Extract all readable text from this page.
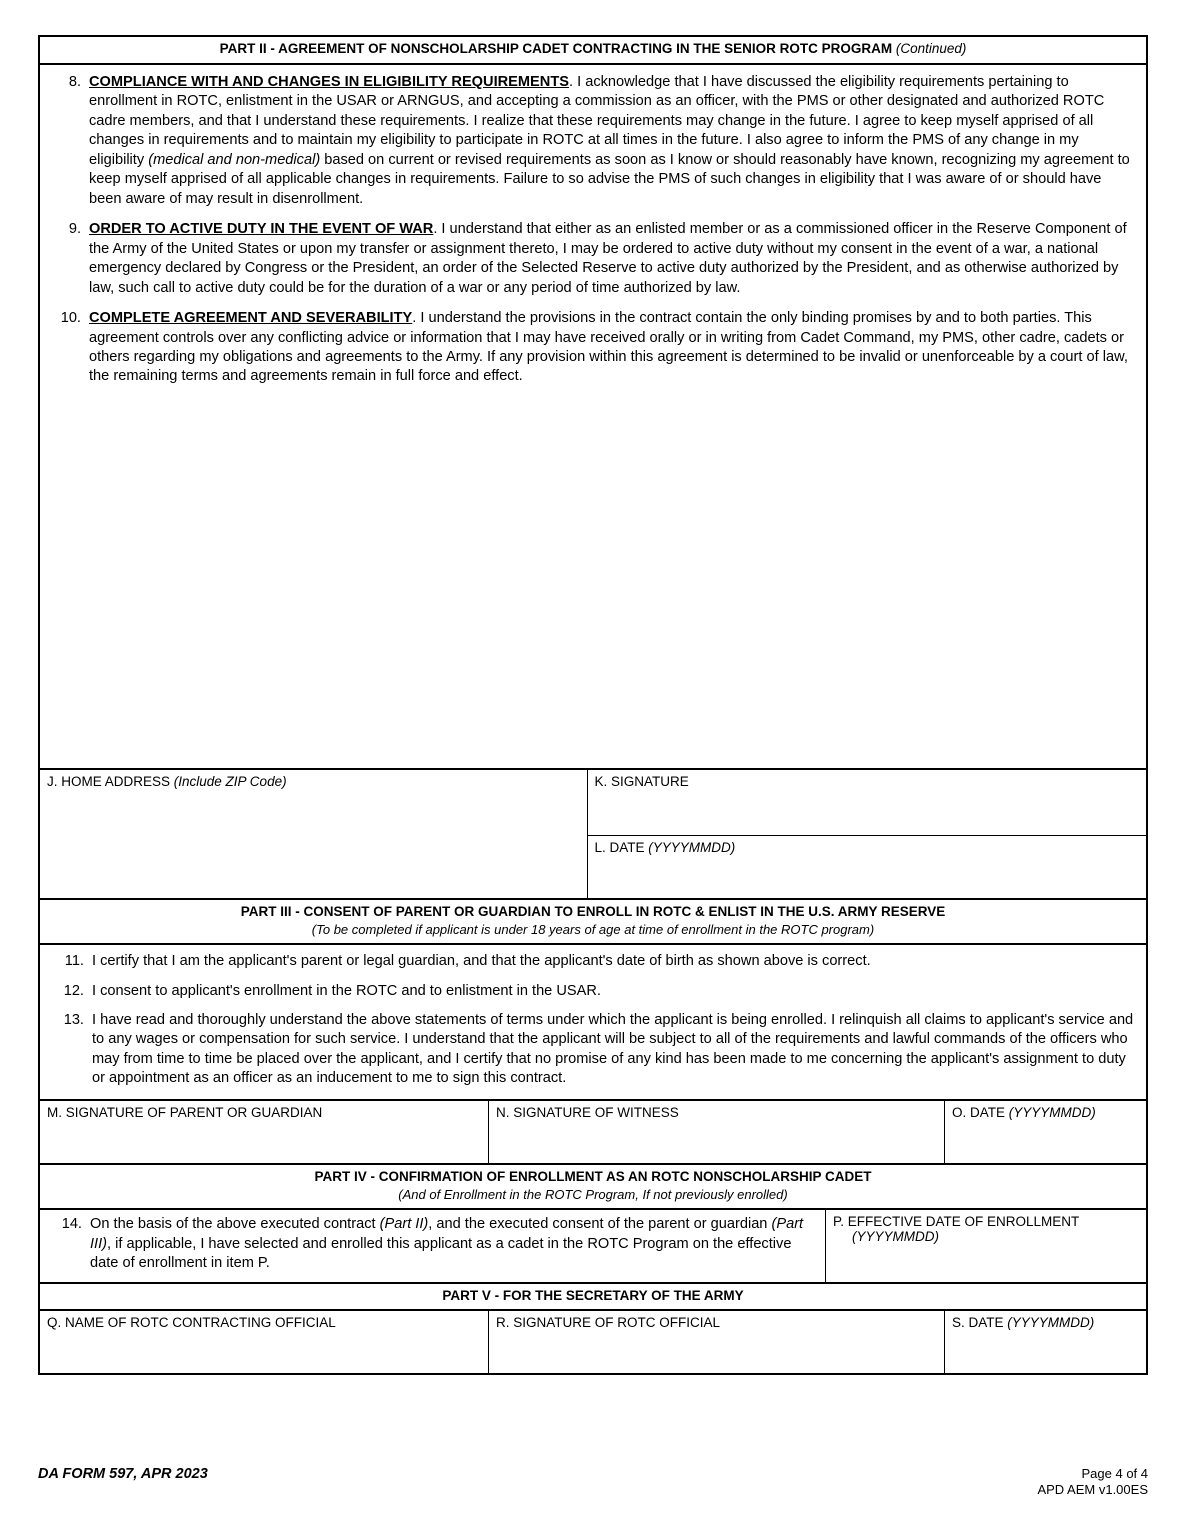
PART II - AGREEMENT OF NONSCHOLARSHIP CADET CONTRACTING IN THE SENIOR ROTC PROGRAM (Continued)
8. COMPLIANCE WITH AND CHANGES IN ELIGIBILITY REQUIREMENTS. I acknowledge that I have discussed the eligibility requirements pertaining to enrollment in ROTC, enlistment in the USAR or ARNGUS, and accepting a commission as an officer, with the PMS or other designated and authorized ROTC cadre members, and that I understand these requirements. I realize that these requirements may change in the future. I agree to keep myself apprised of all changes in requirements and to maintain my eligibility to participate in ROTC at all times in the future. I also agree to inform the PMS of any change in my eligibility (medical and non-medical) based on current or revised requirements as soon as I know or should reasonably have known, recognizing my agreement to keep myself apprised of all applicable changes in requirements. Failure to so advise the PMS of such changes in eligibility that I was aware of or should have been aware of may result in disenrollment.
9. ORDER TO ACTIVE DUTY IN THE EVENT OF WAR. I understand that either as an enlisted member or as a commissioned officer in the Reserve Component of the Army of the United States or upon my transfer or assignment thereto, I may be ordered to active duty without my consent in the event of a war, a national emergency declared by Congress or the President, an order of the Selected Reserve to active duty authorized by the President, and as otherwise authorized by law, such call to active duty could be for the duration of a war or any period of time authorized by law.
10. COMPLETE AGREEMENT AND SEVERABILITY. I understand the provisions in the contract contain the only binding promises by and to both parties. This agreement controls over any conflicting advice or information that I may have received orally or in writing from Cadet Command, my PMS, other cadre, cadets or others regarding my obligations and agreements to the Army. If any provision within this agreement is determined to be invalid or unenforceable by a court of law, the remaining terms and agreements remain in full force and effect.
J. HOME ADDRESS (Include ZIP Code)	K. SIGNATURE
L. DATE (YYYYMMDD)
PART III - CONSENT OF PARENT OR GUARDIAN TO ENROLL IN ROTC & ENLIST IN THE U.S. ARMY RESERVE
(To be completed if applicant is under 18 years of age at time of enrollment in the ROTC program)
11. I certify that I am the applicant's parent or legal guardian, and that the applicant's date of birth as shown above is correct.
12. I consent to applicant's enrollment in the ROTC and to enlistment in the USAR.
13. I have read and thoroughly understand the above statements of terms under which the applicant is being enrolled. I relinquish all claims to applicant's service and to any wages or compensation for such service. I understand that the applicant will be subject to all of the requirements and lawful commands of the officers who may from time to time be placed over the applicant, and I certify that no promise of any kind has been made to me concerning the applicant's assignment to duty or appointment as an officer as an inducement to me to sign this contract.
M. SIGNATURE OF PARENT OR GUARDIAN	N. SIGNATURE OF WITNESS	O. DATE (YYYYMMDD)
PART IV - CONFIRMATION OF ENROLLMENT AS AN ROTC NONSCHOLARSHIP CADET
(And of Enrollment in the ROTC Program, If not previously enrolled)
14. On the basis of the above executed contract (Part II), and the executed consent of the parent or guardian (Part III), if applicable, I have selected and enrolled this applicant as a cadet in the ROTC Program on the effective date of enrollment in item P.
P. EFFECTIVE DATE OF ENROLLMENT
(YYYYMMDD)
PART V - FOR THE SECRETARY OF THE ARMY
Q. NAME OF ROTC CONTRACTING OFFICIAL	R. SIGNATURE OF ROTC OFFICIAL	S. DATE (YYYYMMDD)
DA FORM 597, APR 2023	Page 4 of 4
APD AEM v1.00ES
